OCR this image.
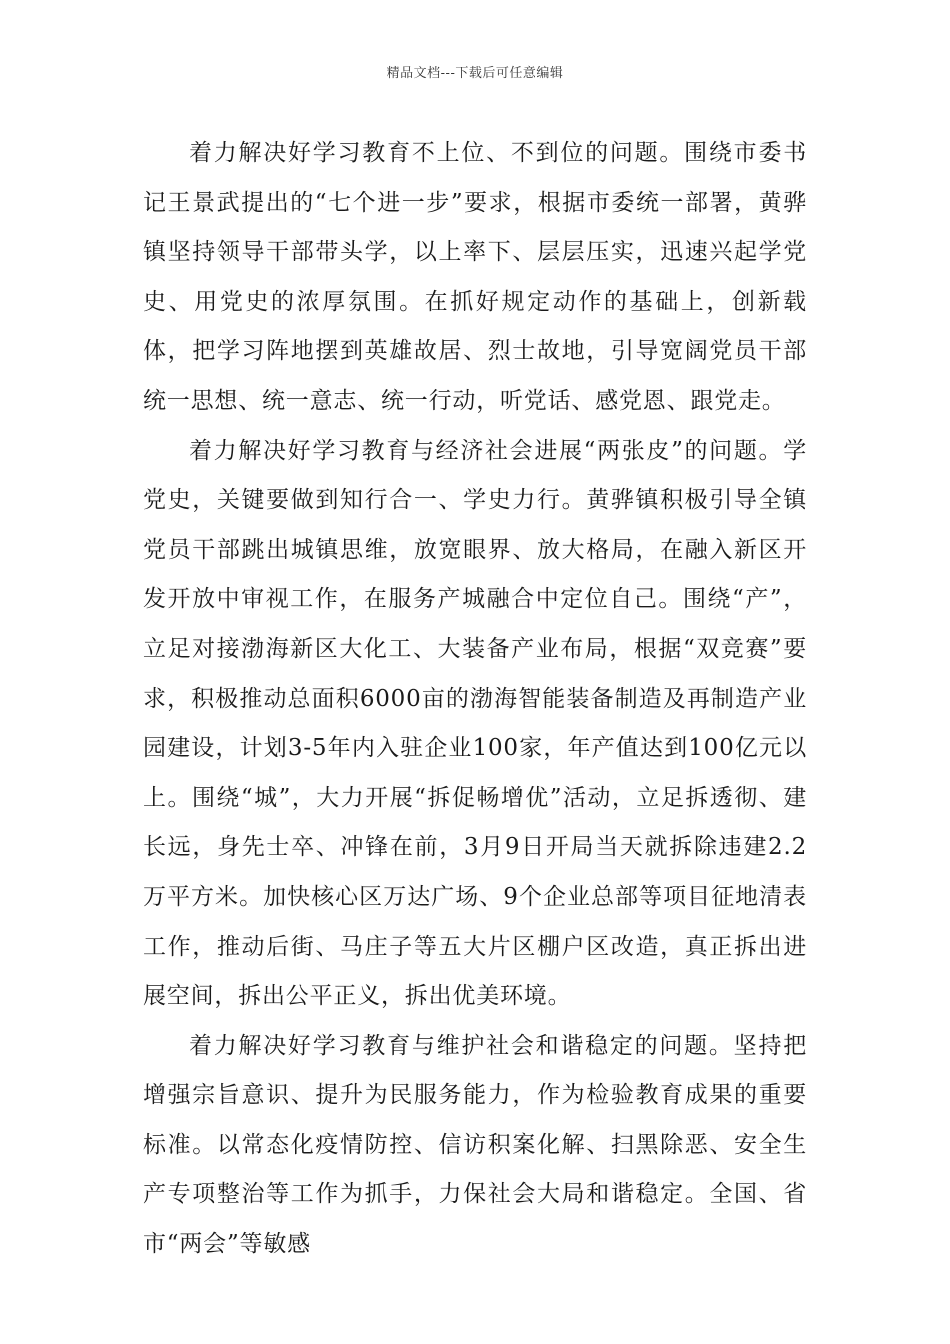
精品文档---下载后可任意编辑

着力解决好学习教育不上位、不到位的问题。围绕市委书记王景武提出的“七个进一步”要求，根据市委统一部署，黄骅镇坚持领导干部带头学，以上率下、层层压实，迅速兴起学党史、用党史的浓厚氛围。在抓好规定动作的基础上，创新载体，把学习阵地摆到英雄故居、烈士故地，引导宽阔党员干部统一思想、统一意志、统一行动，听党话、感党恩、跟党走。

着力解决好学习教育与经济社会进展“两张皮”的问题。学党史，关键要做到知行合一、学史力行。黄骅镇积极引导全镇党员干部跳出城镇思维，放宽眼界、放大格局，在融入新区开发开放中审视工作，在服务产城融合中定位自己。围绕“产”，立足对接渤海新区大化工、大装备产业布局，根据“双竞赛”要求，积极推动总面积6000亩的渤海智能装备制造及再制造产业园建设，计划3-5年内入驻企业100家，年产值达到100亿元以上。围绕“城”，大力开展“拆促畅增优”活动，立足拆透彻、建长远，身先士卒、冲锋在前，3月9日开局当天就拆除违建2.2万平方米。加快核心区万达广场、9个企业总部等项目征地清表工作，推动后街、马庄子等五大片区棚户区改造，真正拆出进展空间，拆出公平正义，拆出优美环境。

着力解决好学习教育与维护社会和谐稳定的问题。坚持把增强宗旨意识、提升为民服务能力，作为检验教育成果的重要标准。以常态化疫情防控、信访积案化解、扫黑除恶、安全生产专项整治等工作为抓手，力保社会大局和谐稳定。全国、省市“两会”等敏感
